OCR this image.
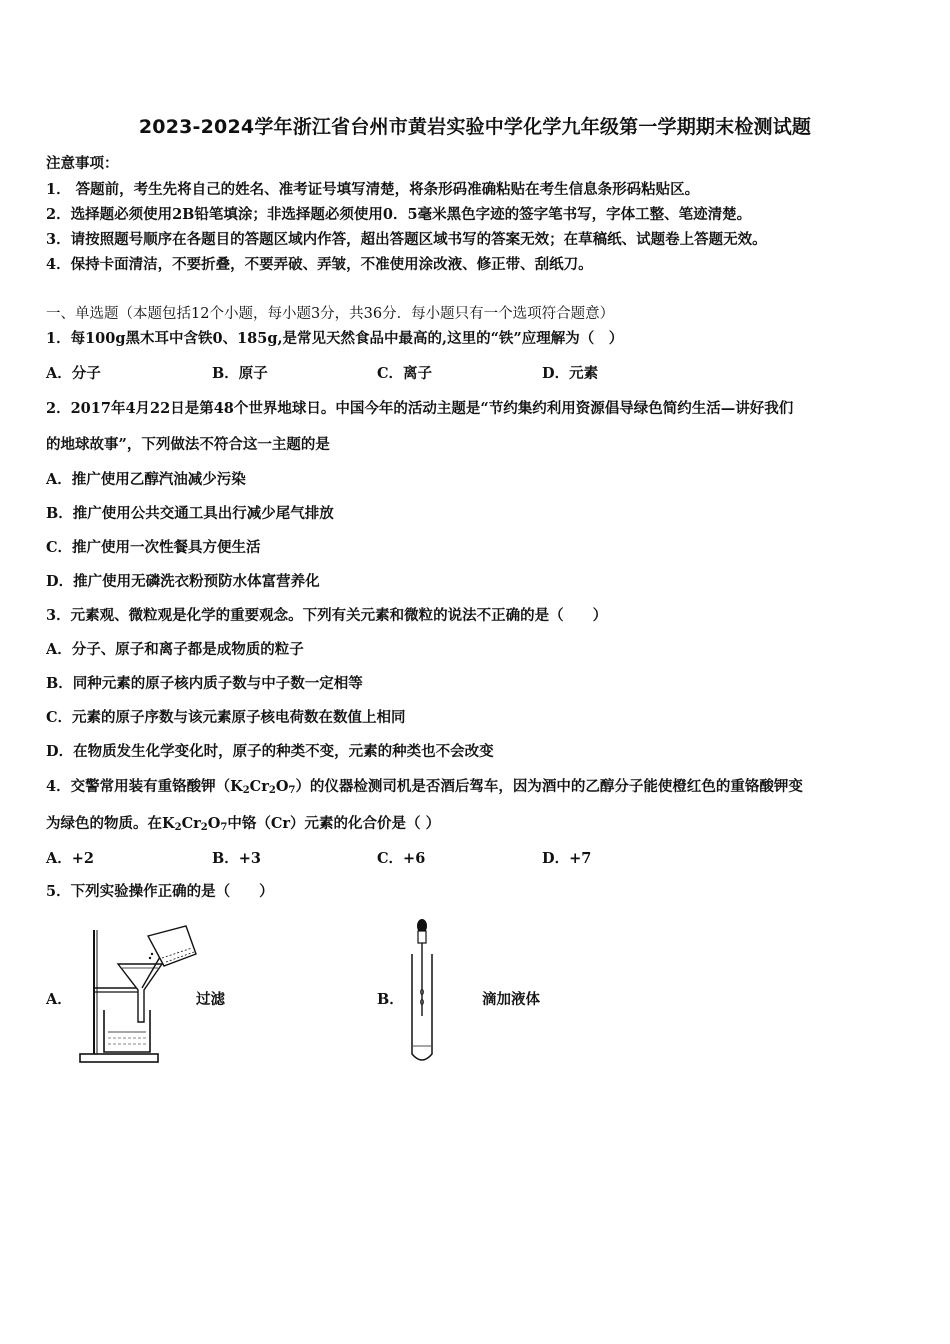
2023-2024学年浙江省台州市黄岩实验中学化学九年级第一学期期末检测试题
注意事项：
1． 答题前，考生先将自己的姓名、准考证号填写清楚，将条形码准确粘贴在考生信息条形码粘贴区。
2．选择题必须使用2B铅笔填涂；非选择题必须使用0．5毫米黑色字迹的签字笔书写，字体工整、笔迹清楚。
3．请按照题号顺序在各题目的答题区域内作答，超出答题区域书写的答案无效；在草稿纸、试题卷上答题无效。
4．保持卡面清洁，不要折叠，不要弄破、弄皱，不准使用涂改液、修正带、刮纸刀。
一、单选题（本题包括12个小题，每小题3分，共36分．每小题只有一个选项符合题意）
1．每100g黑木耳中含铁0、185g,是常见天然食品中最高的,这里的“铁”应理解为（　）
A．分子	B．原子	C．离子	D．元素
2．2017年4月22日是第48个世界地球日。中国今年的活动主题是“节约集约利用资源倡导绿色简约生活—讲好我们
的地球故事”，下列做法不符合这一主题的是
A．推广使用乙醇汽油减少污染
B．推广使用公共交通工具出行减少尾气排放
C．推广使用一次性餐具方便生活
D．推广使用无磷洗衣粉预防水体富营养化
3．元素观、微粒观是化学的重要观念。下列有关元素和微粒的说法不正确的是（　　）
A．分子、原子和离子都是成物质的粒子
B．同种元素的原子核内质子数与中子数一定相等
C．元素的原子序数与该元素原子核电荷数在数值上相同
D．在物质发生化学变化时，原子的种类不变，元素的种类也不会改变
4．交警常用装有重铬酸钾$(K_2Cr_2O_7)$的仪器检测司机是否酒后驾车，因为酒中的乙醇分子能使橙红色的重铬酸钾变
为绿色的物质。在$K_2Cr_2O_7$中铬（Cr）元素的化合价是（ ）
A．+2	B．+3	C．+6	D．+7
5．下列实验操作正确的是（　　）
A．	过滤	B．	滴加液体
